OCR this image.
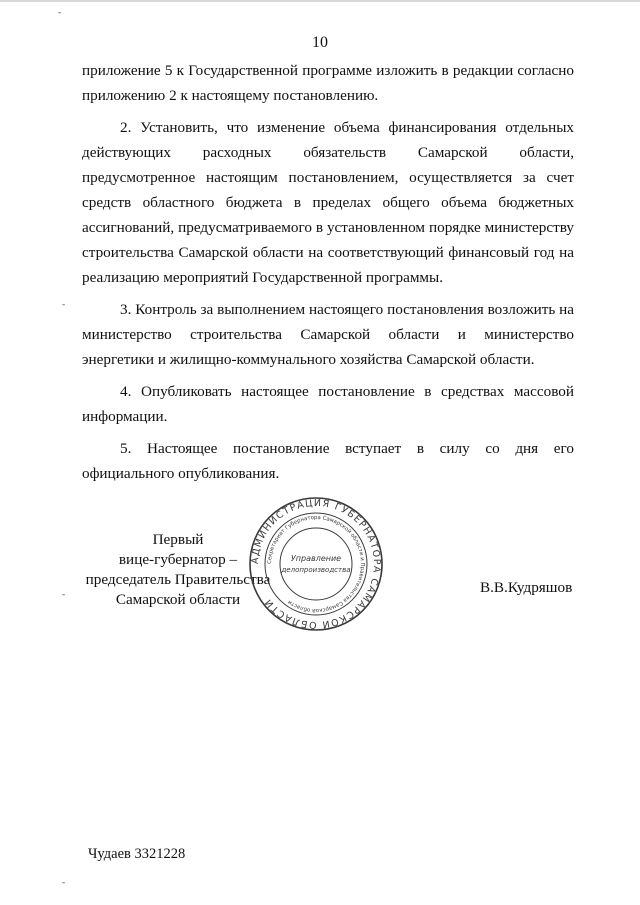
10

приложение 5 к Государственной программе изложить в редакции согласно приложению 2 к настоящему постановлению.

2. Установить, что изменение объема финансирования отдельных действующих расходных обязательств Самарской области, предусмотренное настоящим постановлением, осуществляется за счет средств областного бюджета в пределах общего объема бюджетных ассигнований, предусматриваемого в установленном порядке министерству строительства Самарской области на соответствующий финансовый год на реализацию мероприятий Государственной программы.

3. Контроль за выполнением настоящего постановления возложить на министерство строительства Самарской области и министерство энергетики и жилищно-коммунального хозяйства Самарской области.

4. Опубликовать настоящее постановление в средствах массовой информации.

5. Настоящее постановление вступает в силу со дня его официального опубликования.

Первый
вице-губернатор –
председатель Правительства
Самарской области
АДМИНИСТРАЦИЯ ГУБЕРНАТОРА САМАРСКОЙ ОБЛАСТИ
Секретариат Губернатора Самарской области и Правительства Самарской области
Управление
делопроизводства
В.В.Кудряшов
Чудаев 3321228
-
-
-
-
